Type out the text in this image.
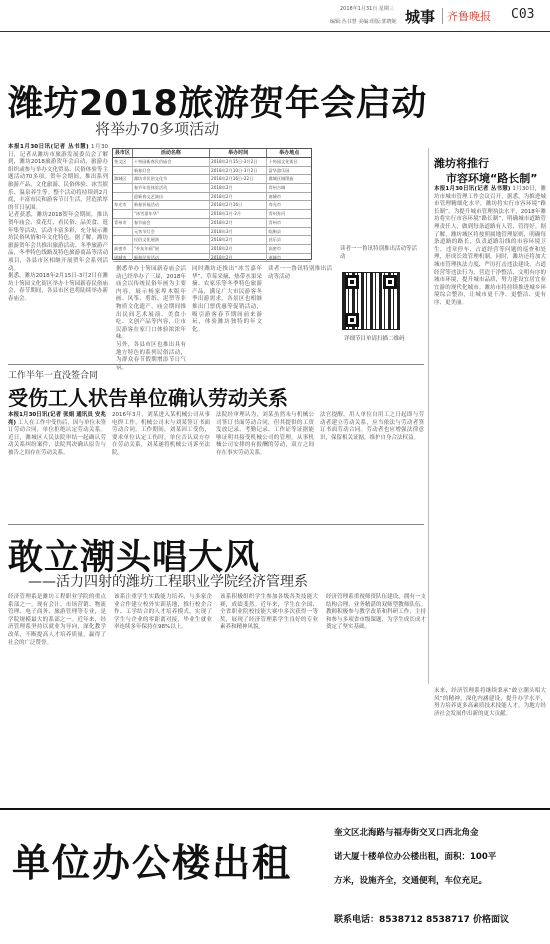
2018年1月31日 星期三
编辑:丛书慧 美编:组版:郭晓妮 城事 齐鲁晚报 C03
潍坊2018旅游贺年会启动
将举办70多项活动
本报1月30日讯(记者 丛书慧) 1月30日，记者从潍坊市旅游发展委员会了解到，潍坊2018旅游贺年会启动，旅游办组织或参与举办文化贸易、民俗体验等主题活动70多项。贺年会期间，推出系列旅游产品，文化旅游、民俗体验、冰雪娱乐、温泉养生等。整个活动将持续到2月底，丰富市民和游客节日生活，营造浓厚的节日氛围。
记者获悉，潍坊2018贺年会期间，推出贺年庙会、赏花灯、看民俗、品美食、逛年集等活动，活动丰富多彩，充分展示潍坊民俗风情和年文化特色。据了解，潍坊旅游贺年会共推出旅游活动、冬季旅游产品，冬季特色线路及特色旅游商品等活动项目，各县市区相继开展贺年会系列活动。
据悉，潍坊2018年2月15日-3月2日在潍坊十笏园文化街区举办十笏园新春民俗庙会，春节期间，各县市区也将陆续举办新春庙会。
县市区	活动名称	举办时间	举办地点
奎文区	十笏园新春民俗庙会	2018年2月15日-3月2日	十笏园文化街区
新春灯会	2018年2月10日-3月2日	富华游乐园
潍城区	潍坊市民俗文化节	2018年2月16日-22日	潍城区城隍庙
春节年俗体验活动	2018年2月	青州古城
迎新春文艺演出	2018年2月	诸城市
寿光市	新春祈福活动	2018年2月16日	寿光市
“冰雪嘉年华”	2018年1月-2月	青州弥河
青州市	春节庙会	2018年2月	青州市
元宵节灯会	2018年3月	临朐县
民俗文化展演	2018年2月	昌乐县
高密市	“扑灰年画”展	2018年2月	高密市
诸城市	新春民俗活动	2018年2月	诸城市
据悉举办十笏园新春庙会活动已经举办了三届，2018年庙会以传统民俗年画为主要内容，展示杨家埠木版年画、风筝、剪纸、泥塑等非物质文化遗产，庙会期间推出民间艺术展演、美食小吃、文创产品等内容，让市民游客在家门口体验浓浓年味。
另外，各县市区也推出具有地方特色的系列民俗活动，为群众春节假期增添节日气氛。
同时潍坊还推出“冰雪嘉年华”、草莓采摘、热带水果采摘、农家乐等冬季特色旅游产品，满足广大市民游客冬季出游需求。各景区也相继推出门票优惠等促销活动，吸引游客春节期间前来游玩，体验潍坊独特的年文化。
读者一一鲁讯特别推出活动等活动
读者一一鲁讯特别推出活动等活动
详细节目单请扫描二维码
潍坊将推行
市容环境“路长制”
本报1月30日讯(记者 丛书慧) 1月30日，潍坊市城市管理工作会议召开，据悉，为推进城市管理精细化水平，潍坊将实行市容环境“路长制”。为提升城市管理执法水平，2018年潍坊将实行市容环境“路长制”，明确城市道路管理责任人，做到每条道路有人管、管得好。据了解，潍坊城区将按照属地管理原则，明确每条道路的路长，负责道路沿线的市容环境卫生、违章停车、占道经营等问题的巡查和处理，形成长效管理机制。同时，潍坊还将加大城市管理执法力度，严厉打击违法建设、占道经营等违法行为，营造干净整洁、文明有序的城市环境，提升城市品质，努力建设宜居宜业宜游的现代化城市。潍坊市将持续推进城乡环境综合整治，让城市更干净、更整洁、更有序、更美丽。
工作半年一直没签合同
受伤工人状告单位确认劳动关系
本报1月30日讯(记者 张娟 通讯员 安兆亮) 工人在工作中受伤后，因与单位未签订劳动合同，单位拒绝认定劳动关系。近日，潍城区人民法院审结一起确认劳动关系纠纷案件，法院判决确认原告与被告之间存在劳动关系。
2016年3月，刘某进入某机械公司从事电焊工作，机械公司未与刘某签订书面劳动合同。工作期间，刘某因工受伤，要求单位认定工伤时，单位否认双方存在劳动关系，刘某遂将机械公司诉至法院。
法院经审理认为，刘某虽然未与机械公司签订书面劳动合同，但其提供的工资发放记录、考勤记录、工作证等证据能够证明其接受机械公司的管理，从事机械公司安排的有报酬的劳动，双方之间存在事实劳动关系。
法官提醒，用人单位自用工之日起即与劳动者建立劳动关系，应当依法与劳动者签订书面劳动合同。劳动者也应增强法律意识，保留相关证据，维护自身合法权益。
敢立潮头唱大风
——活力四射的潍坊工程职业学院经济管理系
经济管理系是潍坊工程职业学院的重点系部之一，现有会计、市场营销、物流管理、电子商务、旅游管理等专业，是学院规模最大的系部之一。近年来，经济管理系坚持以就业为导向，深化教学改革，不断提高人才培养质量，赢得了社会的广泛赞誉。
该系注重学生实践能力培养，与多家企业合作建立校外实训基地，推行校企合作、工学结合的人才培养模式，实现了学生与企业的零距离对接，毕业生就业率连续多年保持在98%以上。
该系积极组织学生参加各级各类技能大赛，成绩斐然。近年来，学生在全国、全省职业院校技能大赛中多次获得一等奖，展现了经济管理系学生良好的专业素养和精神风貌。
经济管理系重视师资队伍建设，拥有一支结构合理、业务精湛的双师型教师队伍。教师积极参与教学改革和科研工作，主持和参与多项省市级课题，为学生成长成才奠定了坚实基础。
未来，经济管理系将继续秉承“敢立潮头唱大风”的精神，深化内涵建设，提升办学水平，努力培养更多高素质技术技能人才，为地方经济社会发展作出新的更大贡献。
单位办公楼出租
奎文区北海路与福寿街交叉口西北角金
诺大厦十楼单位办公楼出租，面积：100平
方米，设施齐全，交通便利，车位充足。
联系电话：8538712 8538717 价格面议
